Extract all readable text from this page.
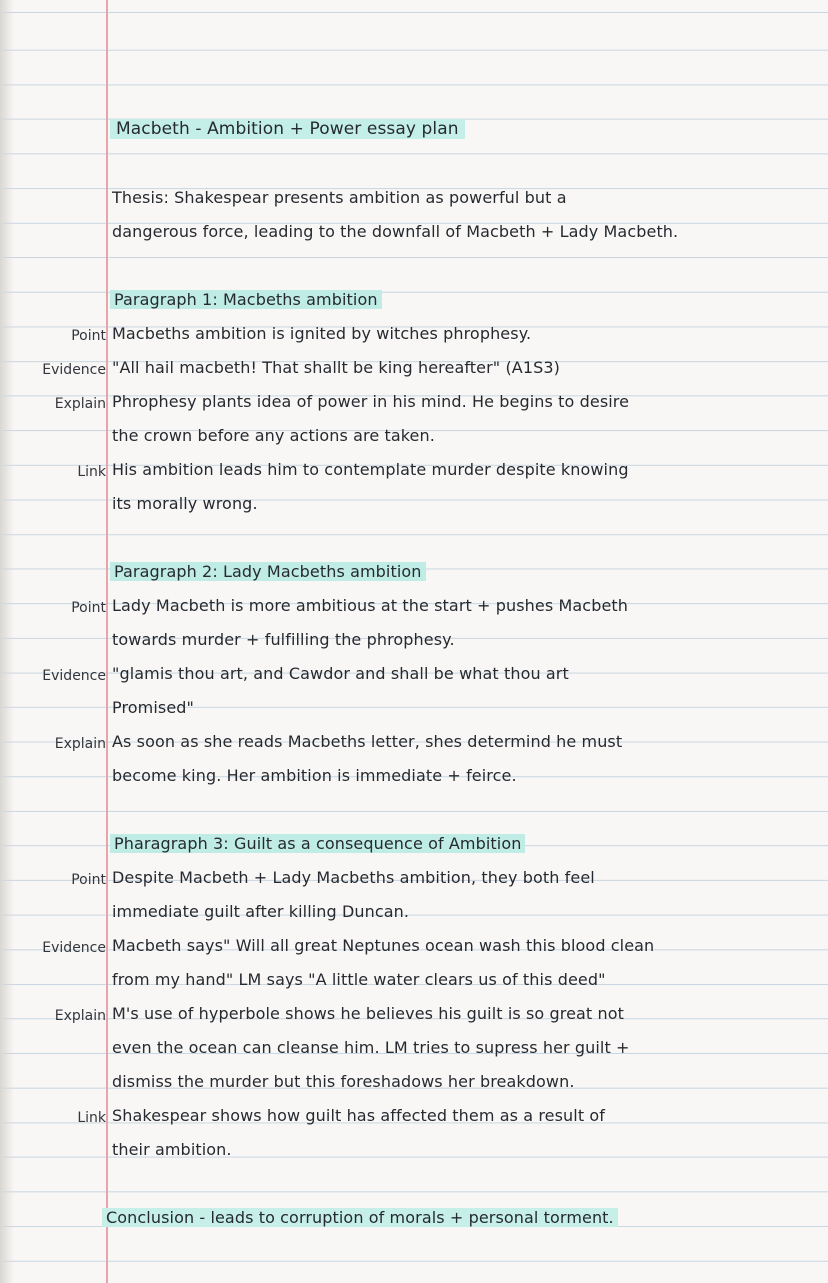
Macbeth - Ambition + Power essay plan
Thesis: Shakespear presents ambition as powerful but a
dangerous force, leading to the downfall of Macbeth + Lady Macbeth.
Paragraph 1: Macbeths ambition
Point Macbeths ambition is ignited by witches phrophesy.
Evidence "All hail macbeth! That shallt be king hereafter" (A1S3)
Explain Phrophesy plants idea of power in his mind. He begins to desire
the crown before any actions are taken.
Link His ambition leads him to contemplate murder despite knowing
its morally wrong.
Paragraph 2: Lady Macbeths ambition
Point Lady Macbeth is more ambitious at the start + pushes Macbeth
towards murder + fulfilling the phrophesy.
Evidence "glamis thou art, and Cawdor and shall be what thou art
Promised"
Explain As soon as she reads Macbeths letter, shes determind he must
become king. Her ambition is immediate + feirce.
Pharagraph 3: Guilt as a consequence of Ambition
Point Despite Macbeth + Lady Macbeths ambition, they both feel
immediate guilt after killing Duncan.
Evidence Macbeth says" Will all great Neptunes ocean wash this blood clean
from my hand" LM says "A little water clears us of this deed"
Explain M's use of hyperbole shows he believes his guilt is so great not
even the ocean can cleanse him. LM tries to supress her guilt +
dismiss the murder but this foreshadows her breakdown.
Link Shakespear shows how guilt has affected them as a result of
their ambition.
Conclusion - leads to corruption of morals + personal torment.
